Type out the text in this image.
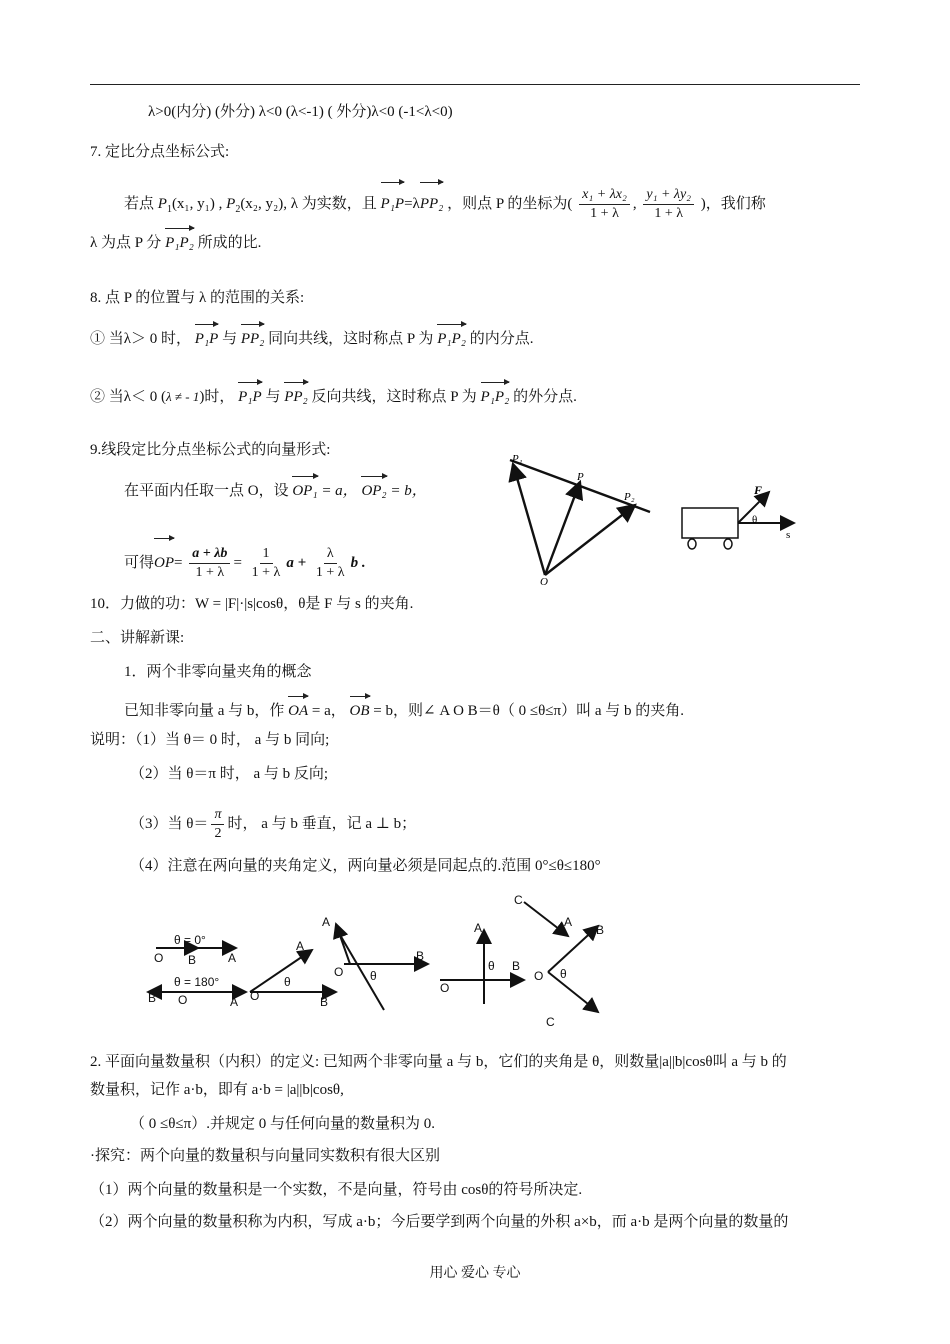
λ>0(内分) (外分) λ<0 (λ<-1) ( 外分)λ<0 (-1<λ<0)
7. 定比分点坐标公式:
若点 $P_1(x_1$, y₁) , $P_2(x_2$, y₂), λ 为实数，且 P₁P=λPP₂ ，则点 P 的坐标为( $\frac{\text{x₁ + λx₂}}{1 + \lambda}$ , $\frac{\text{y₁ + λy₂}}{1 + \lambda}$ )，我们称
λ 为点 P 分 P₁P₂ 所成的比.
8. 点 P 的位置与 λ 的范围的关系:
① 当λ＞ 0 时， P₁P 与 PP₂ 同向共线，这时称点 P 为 P₁P₂ 的内分点.
② 当λ＜ 0 (λ ≠ - 1)时， P₁P 与 PP₂ 反向共线，这时称点 P 为 P₁P₂ 的外分点.
9.线段定比分点坐标公式的向量形式:
在平面内任取一点 O，设 OP₁ = a， OP₂ = b，
可得$OP= \frac{a + \lambda b}{1 + \lambda} = \frac{1}{1 + \lambda}$ $a + \frac{\lambda}{1 + \lambda}$ b .
P₁
P
P₂
O
F
θ
s
10．力做的功：W = |F|·|s|cosθ，θ是 F 与 s 的夹角.
二、讲解新课:
1．两个非零向量夹角的概念
已知非零向量 a 与 b，作 OA = a， OB = b，则∠ A O B＝θ（ 0 ≤θ≤π）叫 a 与 b 的夹角.
说明：（1）当 θ＝ 0 时， a 与 b 同向;
（2）当 θ＝π 时， a 与 b 反向;
（3）当 $\theta= \frac{\pi}{2}$ 时， a 与 b 垂直，记 a ⊥ b；
（4）注意在两向量的夹角定义，两向量必须是同起点的.范围 0°≤θ≤180°
θ = 0°
O B	A
θ = 180°
B O	A O
A
B
θ
A
O
B
θ
O
A
B
θ
C
A
B
O θ
C
2. 平面向量数量积（内积）的定义: 已知两个非零向量 a 与 b，它们的夹角是 θ，则数量|a||b|cosθ叫 a 与 b 的
数量积，记作 a·b，即有 a·b = |a||b|cosθ,
（ 0 ≤θ≤π）.并规定 0 与任何向量的数量积为 0.
·探究：两个向量的数量积与向量同实数积有很大区别
（1）两个向量的数量积是一个实数，不是向量，符号由 cosθ的符号所决定.
（2）两个向量的数量积称为内积，写成 a·b；今后要学到两个向量的外积 a×b，而 a·b 是两个向量的数量的
用心 爱心 专心
